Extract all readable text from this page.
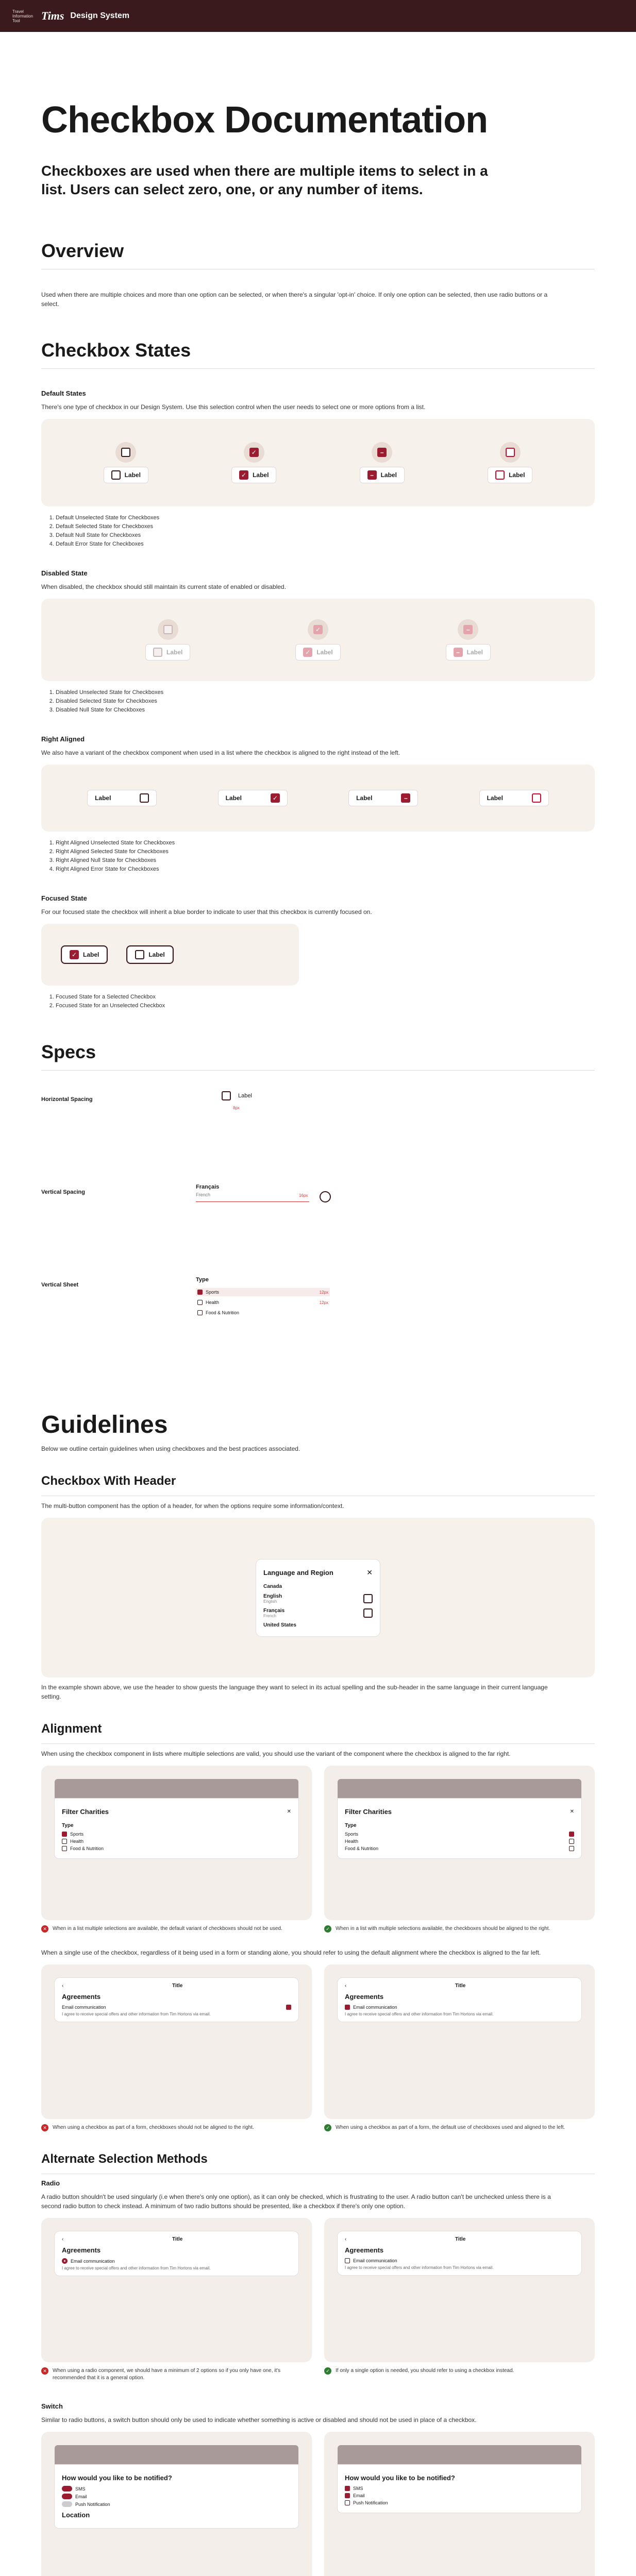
Travel Information Tool	Tims Design System
Checkbox Documentation
Checkboxes are used when there are multiple items to select in a list. Users can select zero, one, or any number of items.
Overview

Used when there are multiple choices and more than one option can be selected, or when there's a singular 'opt-in' choice. If only one option can be selected, then use radio buttons or a select.

Checkbox States
Default States

There's one type of checkbox in our Design System. Use this selection control when the user needs to select one or more options from a list.

Label
✓
✓ Label
–
–	Label	Label
1. Default Unselected State for Checkboxes
2. Default Selected State for Checkboxes
3. Default Null State for Checkboxes
4. Default Error State for Checkboxes
Disabled State

When disabled, the checkbox should still maintain its current state of enabled or disabled.

Label
✓
✓ Label
–
–	Label
1. Disabled Unselected State for Checkboxes
2. Disabled Selected State for Checkboxes
3. Disabled Null State for Checkboxes
Right Aligned

We also have a variant of the checkbox component when used in a list where the checkbox is aligned to the right instead of the left.

Label	Label	✓	Label	–	Label
1. Right Aligned Unselected State for Checkboxes
2. Right Aligned Selected State for Checkboxes
3. Right Aligned Null State for Checkboxes
4. Right Aligned Error State for Checkboxes
Focused State

For our focused state the checkbox will inherit a blue border to indicate to user that this checkbox is currently focused on.

✓ Label	Label
1. Focused State for a Selected Checkbox
2. Focused State for an Unselected Checkbox
Specs
Horizontal Spacing
Label
8px
Vertical Spacing
Français
French	16px
Vertical Sheet
Type
Sports	12px
Health	12px
Food & Nutrition
Guidelines

Below we outline certain guidelines when using checkboxes and the best practices associated.

Checkbox With Header

The multi-button component has the option of a header, for when the options require some information/context.

Language and Region	✕
Canada
English
English
Français
French
United States

In the example shown above, we use the header to show guests the language they want to select in its actual spelling and the sub-header in the same language in their current language setting.

Alignment

When using the checkbox component in lists where multiple selections are valid, you should use the variant of the component where the checkbox is aligned to the far right.

Filter Charities	✕
Type
Sports
Health
Food & Nutrition
✕	When in a list multiple selections are available, the default variant of checkboxes should not be used.
Filter Charities	✕
Type
Sports
Health
Food & Nutrition
✓	When in a list with multiple selections available, the checkboxes should be aligned to the right.

When a single use of the checkbox, regardless of it being used in a form or standing alone, you should refer to using the default alignment where the checkbox is aligned to the far left.

‹	Title
Agreements
Email communication
I agree to receive special offers and other information from Tim Hortons via email.
✕	When using a checkbox as part of a form, checkboxes should not be aligned to the right.
‹	Title
Agreements
Email communication
I agree to receive special offers and other information from Tim Hortons via email.
✓	When using a checkbox as part of a form, the default use of checkboxes used and aligned to the left.
Alternate Selection Methods
Radio

A radio button shouldn't be used singularly (i.e when there's only one option), as it can only be checked, which is frustrating to the user. A radio button can't be unchecked unless there is a second radio button to check instead. A minimum of two radio buttons should be presented, like a checkbox if there's only one option.

‹	Title
Agreements
Email communication
I agree to receive special offers and other information from Tim Hortons via email.
✕	When using a radio component, we should have a minimum of 2 options so if you only have one, it's recommended that it is a general option.
‹	Title
Agreements
Email communication
I agree to receive special offers and other information from Tim Hortons via email.
✓	If only a single option is needed, you should refer to using a checkbox instead.
Switch

Similar to radio buttons, a switch button should only be used to indicate whether something is active or disabled and should not be used in place of a checkbox.

How would you like to be notified?
SMS
Email
Push Notification
Location
How would you like to be notified?
SMS
Email
Push Notification
